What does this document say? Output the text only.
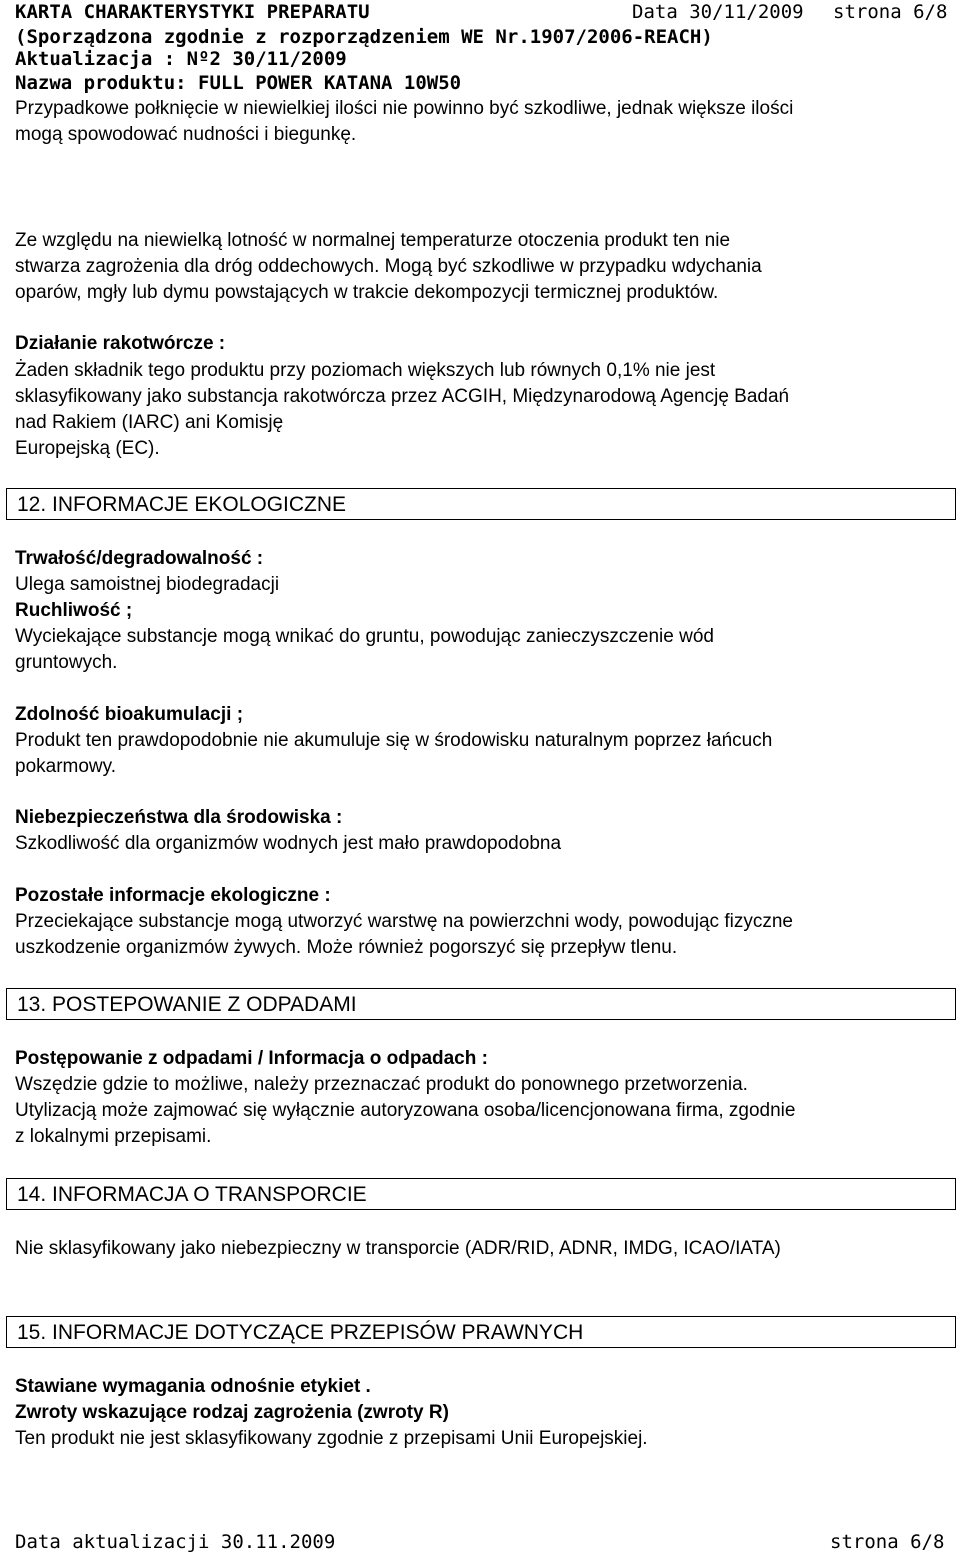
KARTA CHARAKTERYSTYKI PREPARATU	Data 30/11/2009 strona 6/8
(Sporządzona zgodnie z rozporządzeniem WE Nr.1907/2006-REACH)
Aktualizacja : Nº2 30/11/2009
Nazwa produktu: FULL POWER KATANA 10W50
Przypadkowe połknięcie w niewielkiej ilości nie powinno być szkodliwe, jednak większe ilości
mogą spowodować nudności i biegunkę.
Ze względu na niewielką lotność w normalnej temperaturze otoczenia produkt ten nie
stwarza zagrożenia dla dróg oddechowych. Mogą być szkodliwe w przypadku wdychania
oparów, mgły lub dymu powstających w trakcie dekompozycji termicznej produktów.
Działanie rakotwórcze :
Żaden składnik tego produktu przy poziomach większych lub równych 0,1% nie jest
sklasyfikowany jako substancja rakotwórcza przez ACGIH, Międzynarodową Agencję Badań
nad Rakiem (IARC) ani Komisję
Europejską (EC).
12. INFORMACJE EKOLOGICZNE
Trwałość/degradowalność :
Ulega samoistnej biodegradacji
Ruchliwość ;
Wyciekające substancje mogą wnikać do gruntu, powodując zanieczyszczenie wód
gruntowych.
Zdolność bioakumulacji ;
Produkt ten prawdopodobnie nie akumuluje się w środowisku naturalnym poprzez łańcuch
pokarmowy.
Niebezpieczeństwa dla środowiska :
Szkodliwość dla organizmów wodnych jest mało prawdopodobna
Pozostałe informacje ekologiczne :
Przeciekające substancje mogą utworzyć warstwę na powierzchni wody, powodując fizyczne
uszkodzenie organizmów żywych. Może również pogorszyć się przepływ tlenu.
13. POSTEPOWANIE Z ODPADAMI
Postępowanie z odpadami / Informacja o odpadach :
Wszędzie gdzie to możliwe, należy przeznaczać produkt do ponownego przetworzenia.
Utylizacją może zajmować się wyłącznie autoryzowana osoba/licencjonowana firma, zgodnie
z lokalnymi przepisami.
14. INFORMACJA O TRANSPORCIE
Nie sklasyfikowany jako niebezpieczny w transporcie (ADR/RID, ADNR, IMDG, ICAO/IATA)
15. INFORMACJE DOTYCZĄCE PRZEPISÓW PRAWNYCH
Stawiane wymagania odnośnie etykiet .
Zwroty wskazujące rodzaj zagrożenia (zwroty R)
Ten produkt nie jest sklasyfikowany zgodnie z przepisami Unii Europejskiej.
Data aktualizacji 30.11.2009	strona 6/8
